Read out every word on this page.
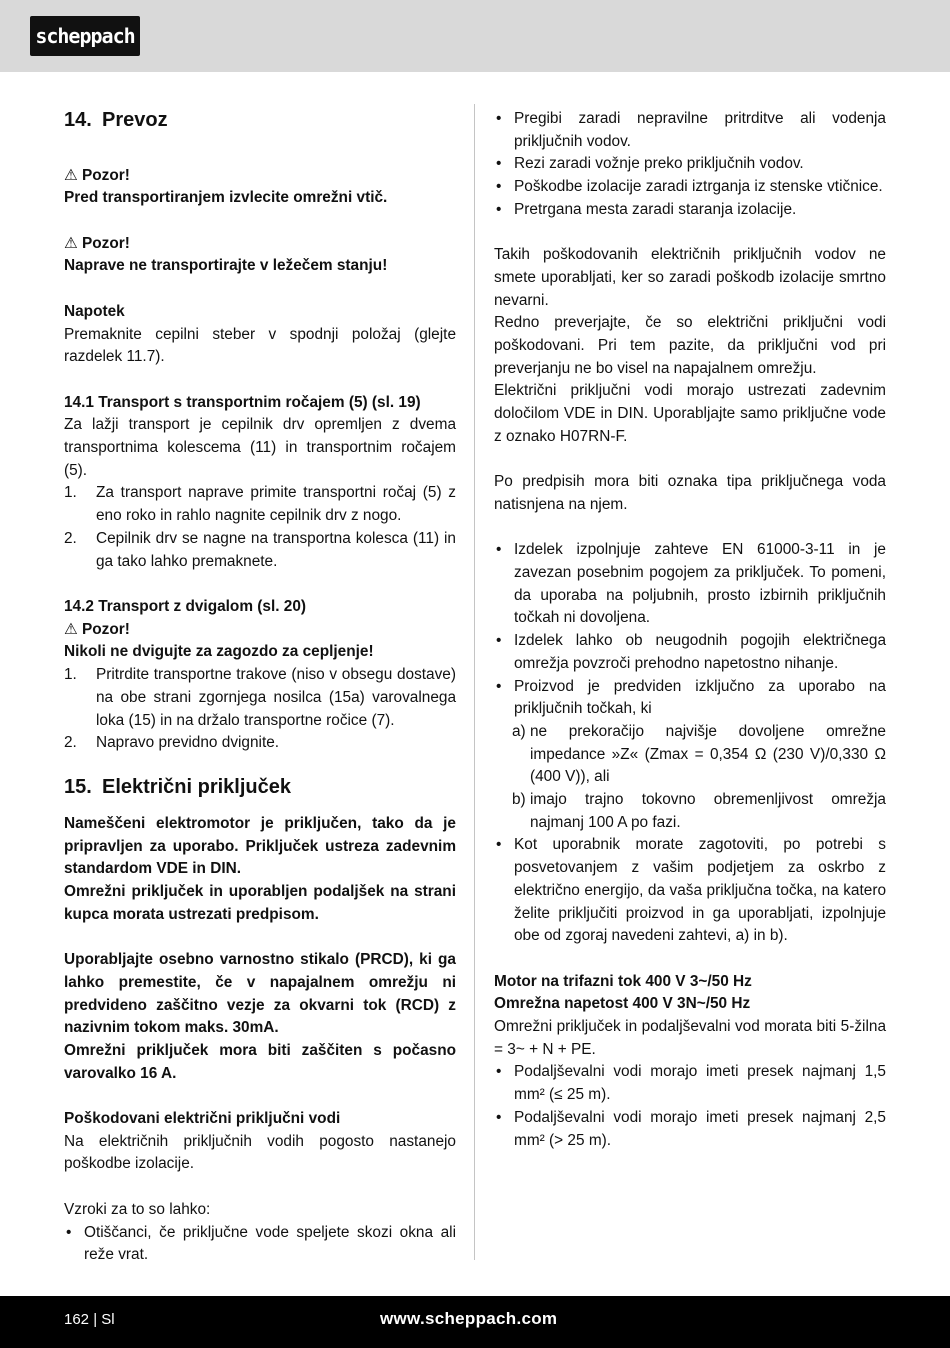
scheppach
14. Prevoz

⚠ Pozor!

Pred transportiranjem izvlecite omrežni vtič.

⚠ Pozor!

Naprave ne transportirajte v ležečem stanju!

Napotek

Premaknite cepilni steber v spodnji položaj (glejte razdelek 11.7).

14.1 Transport s transportnim ročajem (5) (sl. 19)

Za lažji transport je cepilnik drv opremljen z dvema transportnima kolescema (11) in transportnim ročajem (5).

1. Za transport naprave primite transportni ročaj (5) z eno roko in rahlo nagnite cepilnik drv z nogo.
2. Cepilnik drv se nagne na transportna kolesca (11) in ga tako lahko premaknete.

14.2 Transport z dvigalom (sl. 20)

⚠ Pozor!

Nikoli ne dvigujte za zagozdo za cepljenje!

1. Pritrdite transportne trakove (niso v obsegu dostave) na obe strani zgornjega nosilca (15a) varovalnega loka (15) in na držalo transportne ročice (7).
2. Napravo previdno dvignite.
15. Električni priključek

Nameščeni elektromotor je priključen, tako da je pripravljen za uporabo. Priključek ustreza zadevnim standardom VDE in DIN.

Omrežni priključek in uporabljen podaljšek na strani kupca morata ustrezati predpisom.

Uporabljajte osebno varnostno stikalo (PRCD), ki ga lahko premestite, če v napajalnem omrežju ni predvideno zaščitno vezje za okvarni tok (RCD) z nazivnim tokom maks. 30mA.

Omrežni priključek mora biti zaščiten s počasno varovalko 16 A.

Poškodovani električni priključni vodi

Na električnih priključnih vodih pogosto nastanejo poškodbe izolacije.

Vzroki za to so lahko:

• Otiščanci, če priključne vode speljete skozi okna ali reže vrat.
• Pregibi zaradi nepravilne pritrditve ali vodenja priključnih vodov.
• Rezi zaradi vožnje preko priključnih vodov.
• Poškodbe izolacije zaradi iztrganja iz stenske vtičnice.
• Pretrgana mesta zaradi staranja izolacije.

Takih poškodovanih električnih priključnih vodov ne smete uporabljati, ker so zaradi poškodb izolacije smrtno nevarni.

Redno preverjajte, če so električni priključni vodi poškodovani. Pri tem pazite, da priključni vod pri preverjanju ne bo visel na napajalnem omrežju.

Električni priključni vodi morajo ustrezati zadevnim določilom VDE in DIN. Uporabljajte samo priključne vode z oznako H07RN-F.

Po predpisih mora biti oznaka tipa priključnega voda natisnjena na njem.

• Izdelek izpolnjuje zahteve EN 61000-3-11 in je zavezan posebnim pogojem za priključek. To pomeni, da uporaba na poljubnih, prosto izbirnih priključnih točkah ni dovoljena.
• Izdelek lahko ob neugodnih pogojih električnega omrežja povzroči prehodno napetostno nihanje.
• Proizvod je predviden izključno za uporabo na priključnih točkah, ki
a) ne prekoračijo najvišje dovoljene omrežne impedance »Z« (Zmax = 0,354 Ω (230 V)/0,330 Ω (400 V)), ali
b) imajo trajno tokovno obremenljivost omrežja najmanj 100 A po fazi.
• Kot uporabnik morate zagotoviti, po potrebi s posvetovanjem z vašim podjetjem za oskrbo z električno energijo, da vaša priključna točka, na katero želite priključiti proizvod in ga uporabljati, izpolnjuje obe od zgoraj navedeni zahtevi, a) in b).

Motor na trifazni tok 400 V 3~/50 Hz

Omrežna napetost 400 V 3N~/50 Hz

Omrežni priključek in podaljševalni vod morata biti 5-žilna = 3~ + N + PE.

• Podaljševalni vodi morajo imeti presek najmanj 1,5 mm² (≤ 25 m).
• Podaljševalni vodi morajo imeti presek najmanj 2,5 mm² (> 25 m).
162 | Sl	www.scheppach.com
